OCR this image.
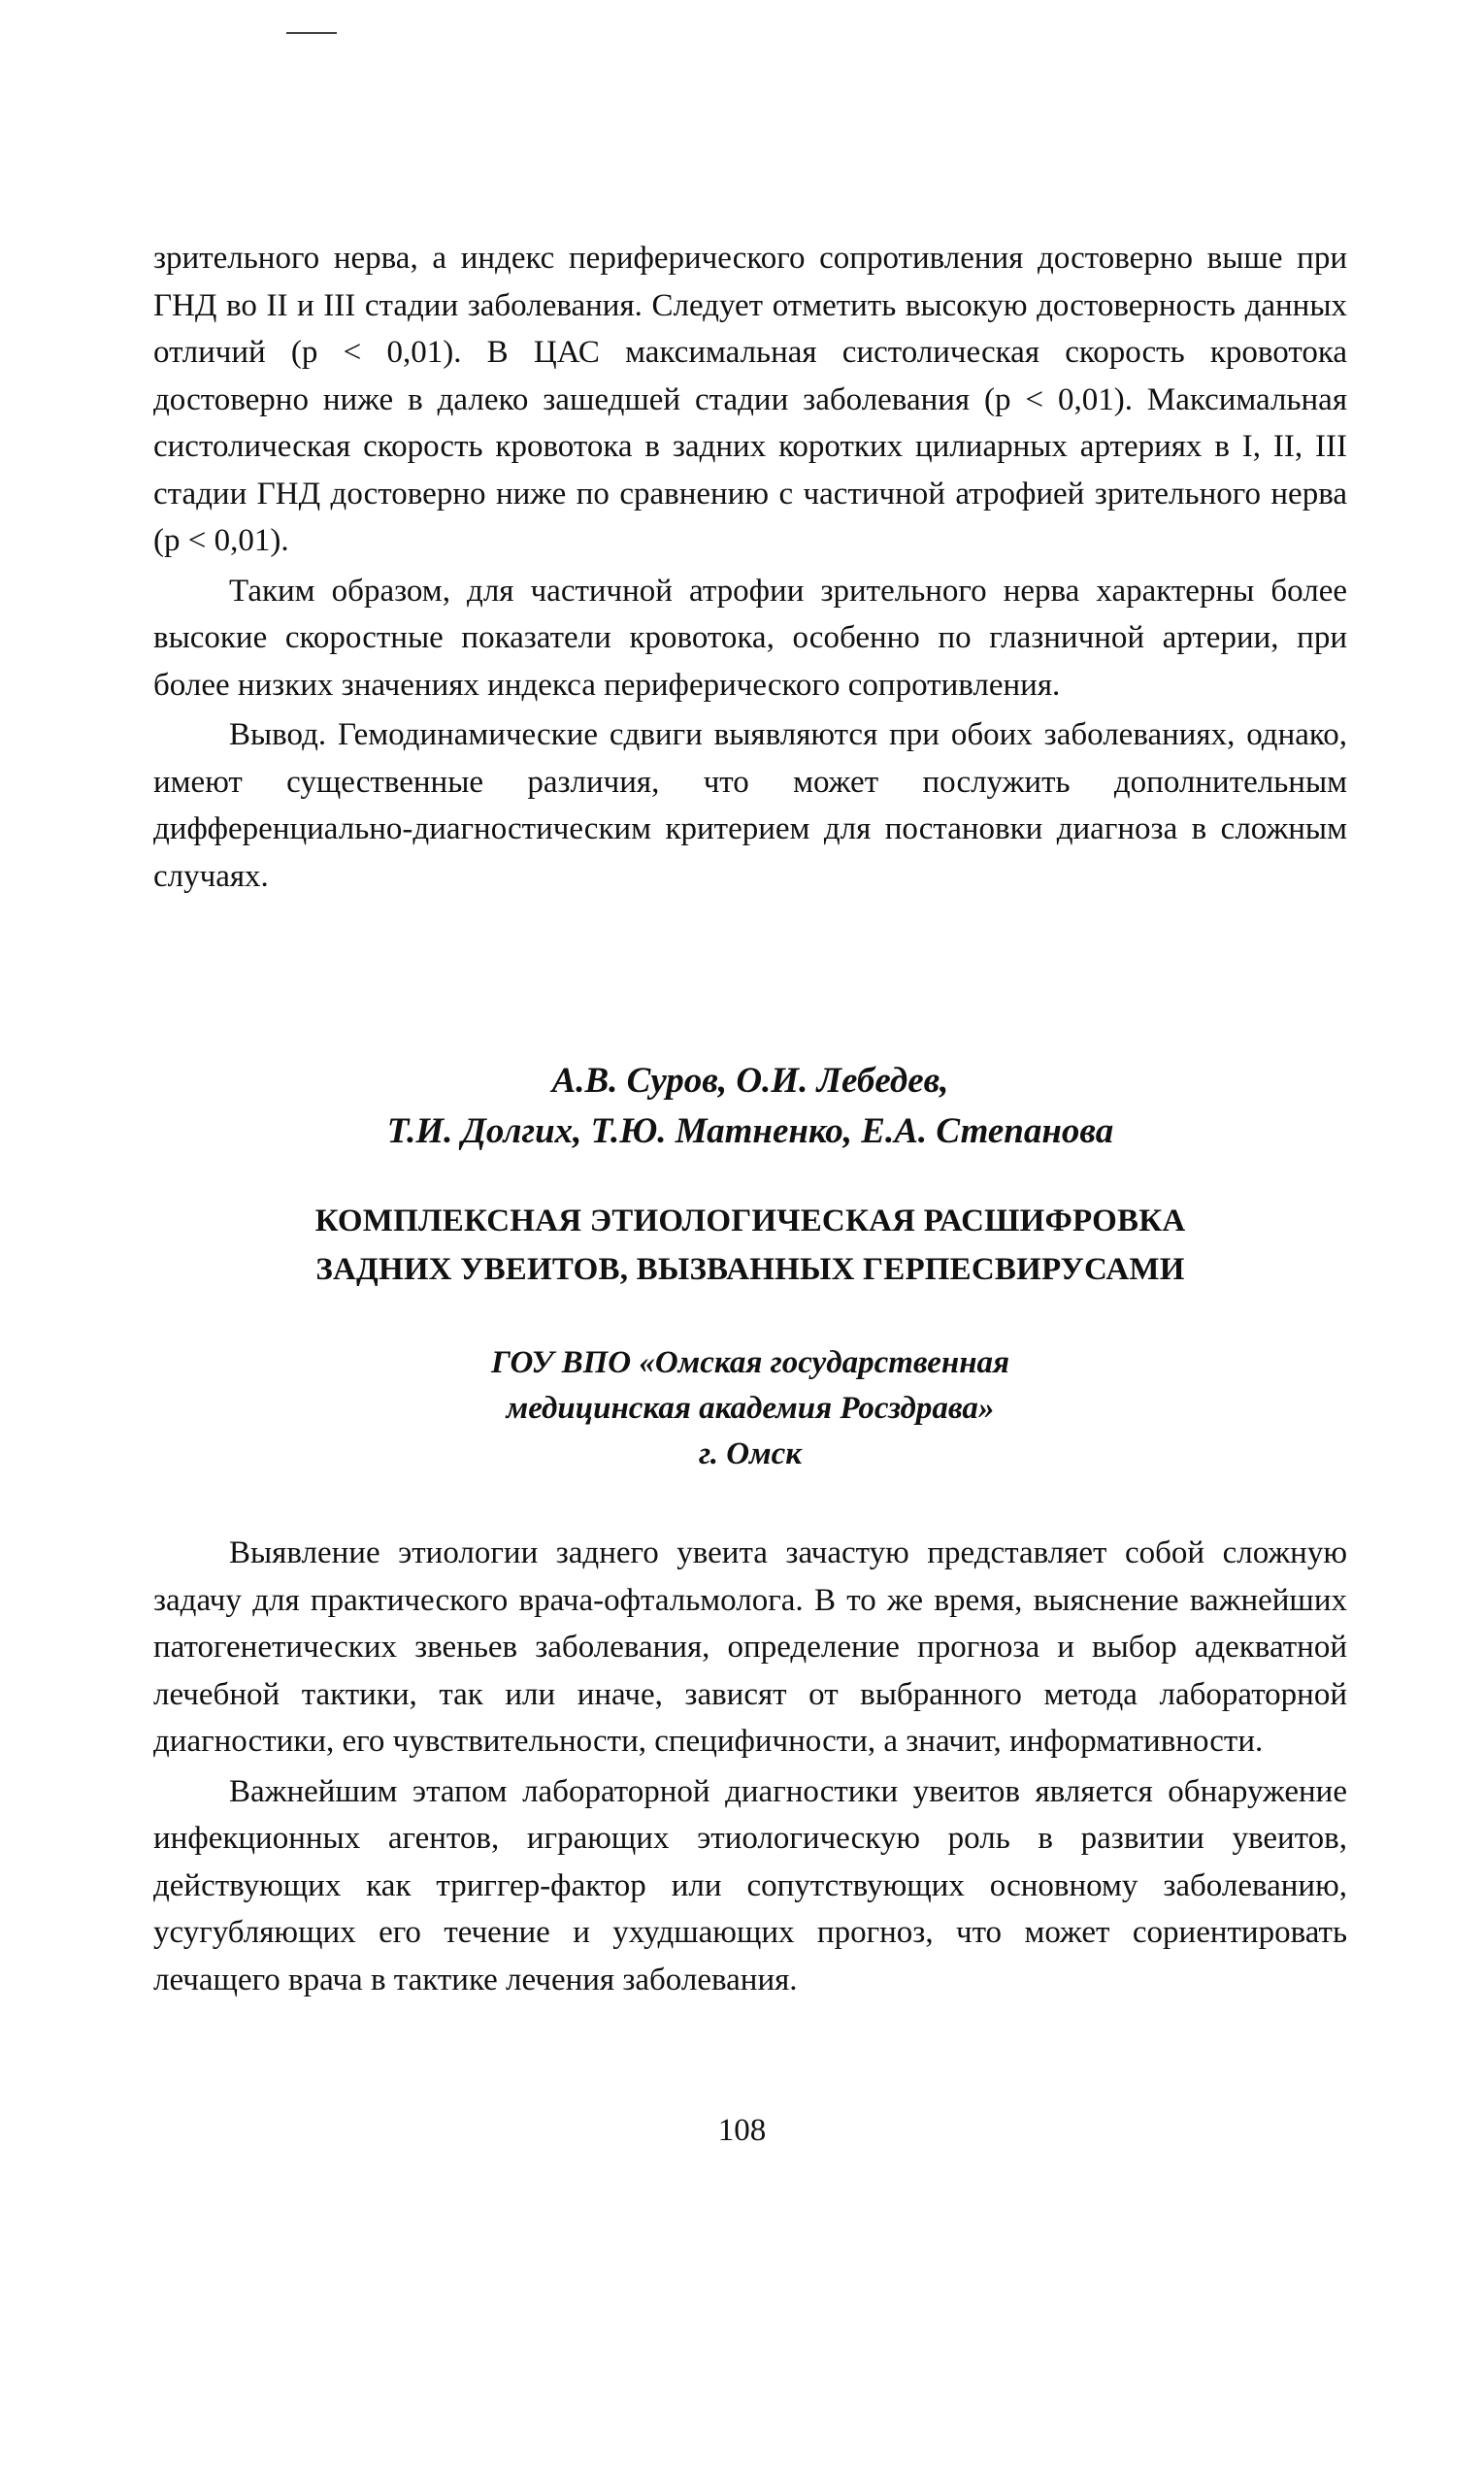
зрительного нерва, а индекс периферического сопротивления достоверно выше при ГНД во II и III стадии заболевания. Следует отметить высокую достоверность данных отличий (p < 0,01). В ЦАС максимальная систолическая скорость кровотока достоверно ниже в далеко зашедшей стадии заболевания (p < 0,01). Максимальная систолическая скорость кровотока в задних коротких цилиарных артериях в I, II, III стадии ГНД достоверно ниже по сравнению с частичной атрофией зрительного нерва (p < 0,01).

Таким образом, для частичной атрофии зрительного нерва характерны более высокие скоростные показатели кровотока, особенно по глазничной артерии, при более низких значениях индекса периферического сопротивления.

Вывод. Гемодинамические сдвиги выявляются при обоих заболеваниях, однако, имеют существенные различия, что может послужить дополнительным дифференциально-диагностическим критерием для постановки диагноза в сложным случаях.

А.В. Суров, О.И. Лебедев,

Т.И. Долгих, Т.Ю. Матненко, Е.А. Степанова

КОМПЛЕКСНАЯ ЭТИОЛОГИЧЕСКАЯ РАСШИФРОВКА

ЗАДНИХ УВЕИТОВ, ВЫЗВАННЫХ ГЕРПЕСВИРУСАМИ

ГОУ ВПО «Омская государственная

медицинская академия Росздрава»

г. Омск

Выявление этиологии заднего увеита зачастую представляет собой сложную задачу для практического врача-офтальмолога. В то же время, выяснение важнейших патогенетических звеньев заболевания, определение прогноза и выбор адекватной лечебной тактики, так или иначе, зависят от выбранного метода лабораторной диагностики, его чувствительности, специфичности, а значит, информативности.

Важнейшим этапом лабораторной диагностики увеитов является обнаружение инфекционных агентов, играющих этиологическую роль в развитии увеитов, действующих как триггер-фактор или сопутствующих основному заболеванию, усугубляющих его течение и ухудшающих прогноз, что может сориентировать лечащего врача в тактике лечения заболевания.

108
